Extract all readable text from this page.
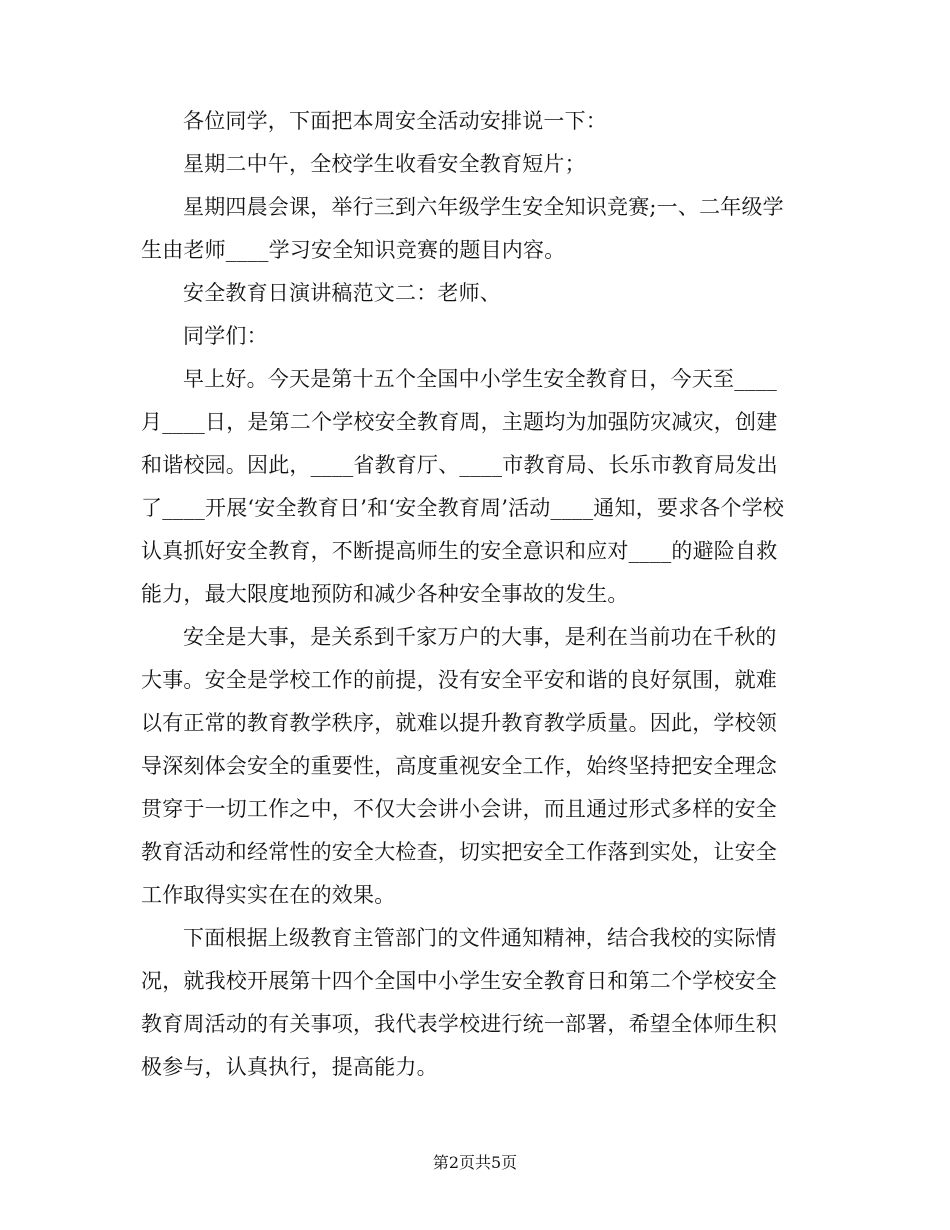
各位同学，下面把本周安全活动安排说一下：

星期二中午，全校学生收看安全教育短片；

星期四晨会课，举行三到六年级学生安全知识竞赛;一、二年级学生由老师____学习安全知识竞赛的题目内容。

安全教育日演讲稿范文二：老师、

同学们：

早上好。今天是第十五个全国中小学生安全教育日，今天至____月____日，是第二个学校安全教育周，主题均为加强防灾减灾，创建和谐校园。因此，____省教育厅、____市教育局、长乐市教育局发出了____开展‘安全教育日’和‘安全教育周’活动____通知，要求各个学校认真抓好安全教育，不断提高师生的安全意识和应对____的避险自救能力，最大限度地预防和减少各种安全事故的发生。

安全是大事，是关系到千家万户的大事，是利在当前功在千秋的大事。安全是学校工作的前提，没有安全平安和谐的良好氛围，就难以有正常的教育教学秩序，就难以提升教育教学质量。因此，学校领导深刻体会安全的重要性，高度重视安全工作，始终坚持把安全理念贯穿于一切工作之中，不仅大会讲小会讲，而且通过形式多样的安全教育活动和经常性的安全大检查，切实把安全工作落到实处，让安全工作取得实实在在的效果。

下面根据上级教育主管部门的文件通知精神，结合我校的实际情况，就我校开展第十四个全国中小学生安全教育日和第二个学校安全教育周活动的有关事项，我代表学校进行统一部署，希望全体师生积极参与，认真执行，提高能力。

第2页共5页
